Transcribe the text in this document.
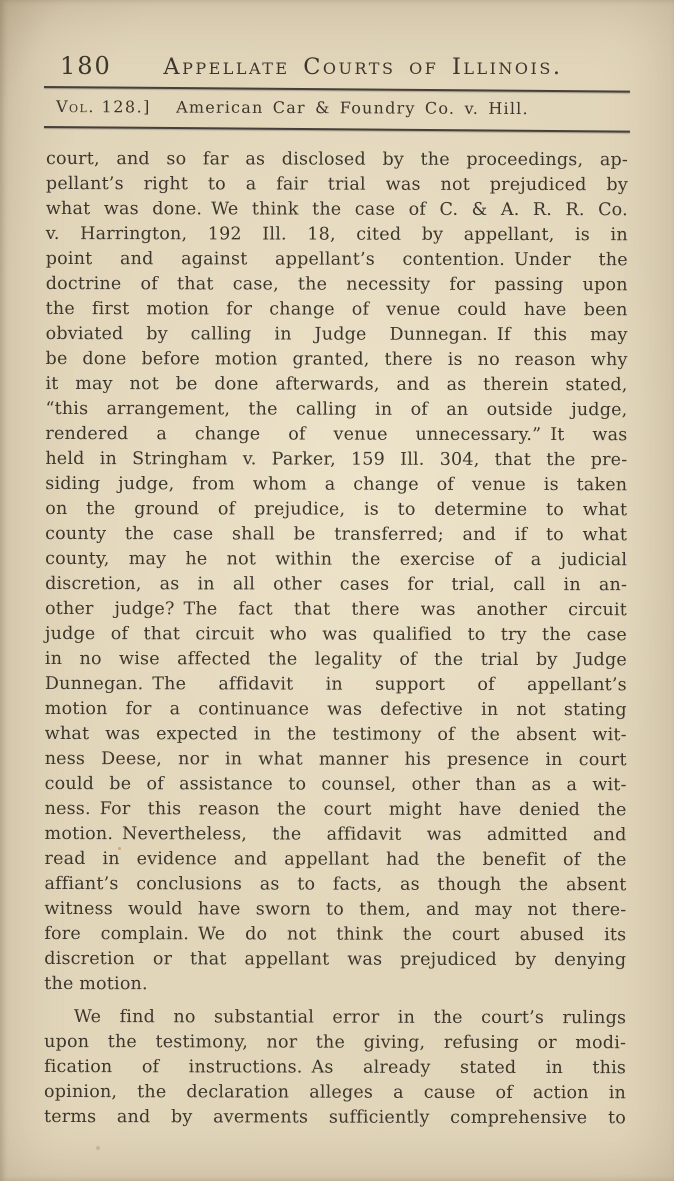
180	Appellate Courts of Illinois.
Vol. 128.]	American Car & Foundry Co. v. Hill.
court, and so far as disclosed by the proceedings, ap-
pellant’s right to a fair trial was not prejudiced by
what was done. We think the case of C. & A. R. R. Co.
v. Harrington, 192 Ill. 18, cited by appellant, is in
point and against appellant’s contention. Under the
doctrine of that case, the necessity for passing upon
the first motion for change of venue could have been
obviated by calling in Judge Dunnegan. If this may
be done before motion granted, there is no reason why
it may not be done afterwards, and as therein stated,
“this arrangement, the calling in of an outside judge,
rendered a change of venue unnecessary.” It was
held in Stringham v. Parker, 159 Ill. 304, that the pre-
siding judge, from whom a change of venue is taken
on the ground of prejudice, is to determine to what
county the case shall be transferred; and if to what
county, may he not within the exercise of a judicial
discretion, as in all other cases for trial, call in an-
other judge? The fact that there was another circuit
judge of that circuit who was qualified to try the case
in no wise affected the legality of the trial by Judge
Dunnegan. The affidavit in support of appellant’s
motion for a continuance was defective in not stating
what was expected in the testimony of the absent wit-
ness Deese, nor in what manner his presence in court
could be of assistance to counsel, other than as a wit-
ness. For this reason the court might have denied the
motion. Nevertheless, the affidavit was admitted and
read in evidence and appellant had the benefit of the
affiant’s conclusions as to facts, as though the absent
witness would have sworn to them, and may not there-
fore complain. We do not think the court abused its
discretion or that appellant was prejudiced by denying
the motion.
We find no substantial error in the court’s rulings
upon the testimony, nor the giving, refusing or modi-
fication of instructions. As already stated in this
opinion, the declaration alleges a cause of action in
terms and by averments sufficiently comprehensive to
